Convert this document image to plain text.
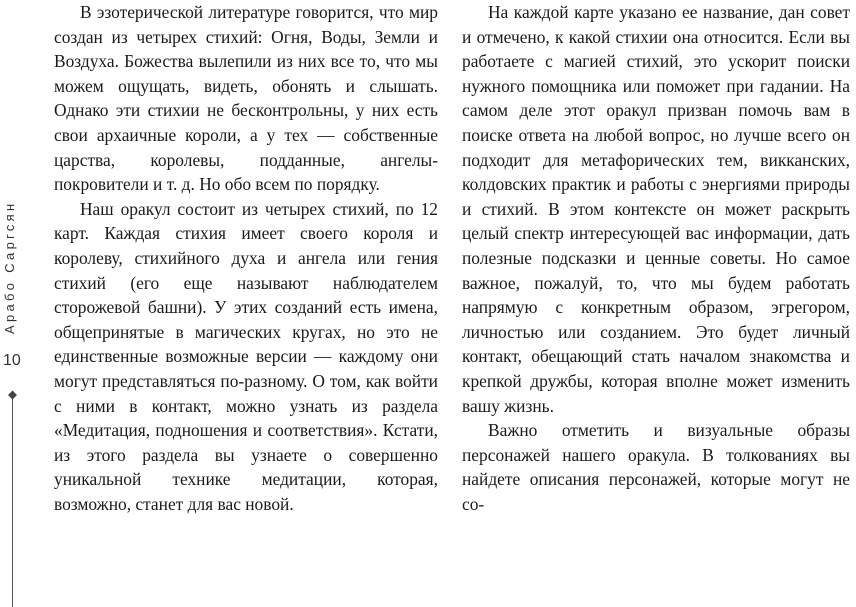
Арабо Саргсян
10

В эзотерической литературе говорится, что мир создан из четырех стихий: Огня, Воды, Земли и Воздуха. Божества вылепили из них все то, что мы можем ощущать, видеть, обонять и слышать. Однако эти стихии не бесконтрольны, у них есть свои архаичные короли, а у тех — собственные царства, королевы, подданные, ангелы-покровители и т. д. Но обо всем по порядку.

Наш оракул состоит из четырех стихий, по 12 карт. Каждая стихия имеет своего короля и королеву, стихийного духа и ангела или гения стихий (его еще называют наблюдателем сторожевой башни). У этих созданий есть имена, общепринятые в магических кругах, но это не единственные возможные версии — каждому они могут представляться по-разному. О том, как войти с ними в контакт, можно узнать из раздела «Медитация, подношения и соответствия». Кстати, из этого раздела вы узнаете о совершенно уникальной технике медитации, которая, возможно, станет для вас новой.

На каждой карте указано ее название, дан совет и отмечено, к какой стихии она относится. Если вы работаете с магией стихий, это ускорит поиски нужного помощника или поможет при гадании. На самом деле этот оракул призван помочь вам в поиске ответа на любой вопрос, но лучше всего он подходит для метафорических тем, викканских, колдовских практик и работы с энергиями природы и стихий. В этом контексте он может раскрыть целый спектр интересующей вас информации, дать полезные подсказки и ценные советы. Но самое важное, пожалуй, то, что мы будем работать напрямую с конкретным образом, эгрегором, личностью или созданием. Это будет личный контакт, обещающий стать началом знакомства и крепкой дружбы, которая вполне может изменить вашу жизнь.

Важно отметить и визуальные образы персонажей нашего оракула. В толкованиях вы найдете описания персонажей, которые могут не со-
